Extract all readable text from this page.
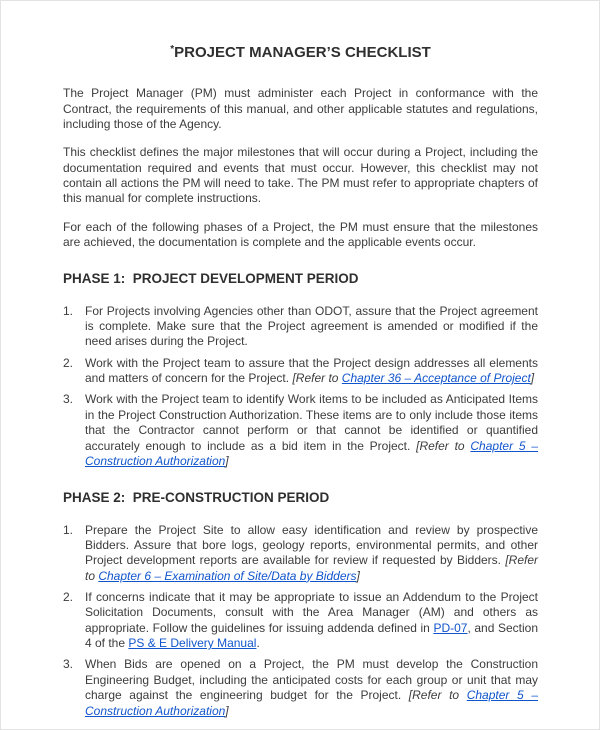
*PROJECT MANAGER’S CHECKLIST

The Project Manager (PM) must administer each Project in conformance with the Contract, the requirements of this manual, and other applicable statutes and regulations, including those of the Agency.

This checklist defines the major milestones that will occur during a Project, including the documentation required and events that must occur. However, this checklist may not contain all actions the PM will need to take. The PM must refer to appropriate chapters of this manual for complete instructions.

For each of the following phases of a Project, the PM must ensure that the milestones are achieved, the documentation is complete and the applicable events occur.

PHASE 1:  PROJECT DEVELOPMENT PERIOD
1. For Projects involving Agencies other than ODOT, assure that the Project agreement is complete. Make sure that the Project agreement is amended or modified if the need arises during the Project.
2. Work with the Project team to assure that the Project design addresses all elements and matters of concern for the Project. [Refer to Chapter 36 – Acceptance of Project]
3. Work with the Project team to identify Work items to be included as Anticipated Items in the Project Construction Authorization. These items are to only include those items that the Contractor cannot perform or that cannot be identified or quantified accurately enough to include as a bid item in the Project. [Refer to Chapter 5 – Construction Authorization]
PHASE 2:  PRE-CONSTRUCTION PERIOD
1. Prepare the Project Site to allow easy identification and review by prospective Bidders. Assure that bore logs, geology reports, environmental permits, and other Project development reports are available for review if requested by Bidders. [Refer to Chapter 6 – Examination of Site/Data by Bidders]
2. If concerns indicate that it may be appropriate to issue an Addendum to the Project Solicitation Documents, consult with the Area Manager (AM) and others as appropriate. Follow the guidelines for issuing addenda defined in PD-07, and Section 4 of the PS & E Delivery Manual.
3. When Bids are opened on a Project, the PM must develop the Construction Engineering Budget, including the anticipated costs for each group or unit that may charge against the engineering budget for the Project. [Refer to Chapter 5 – Construction Authorization]
